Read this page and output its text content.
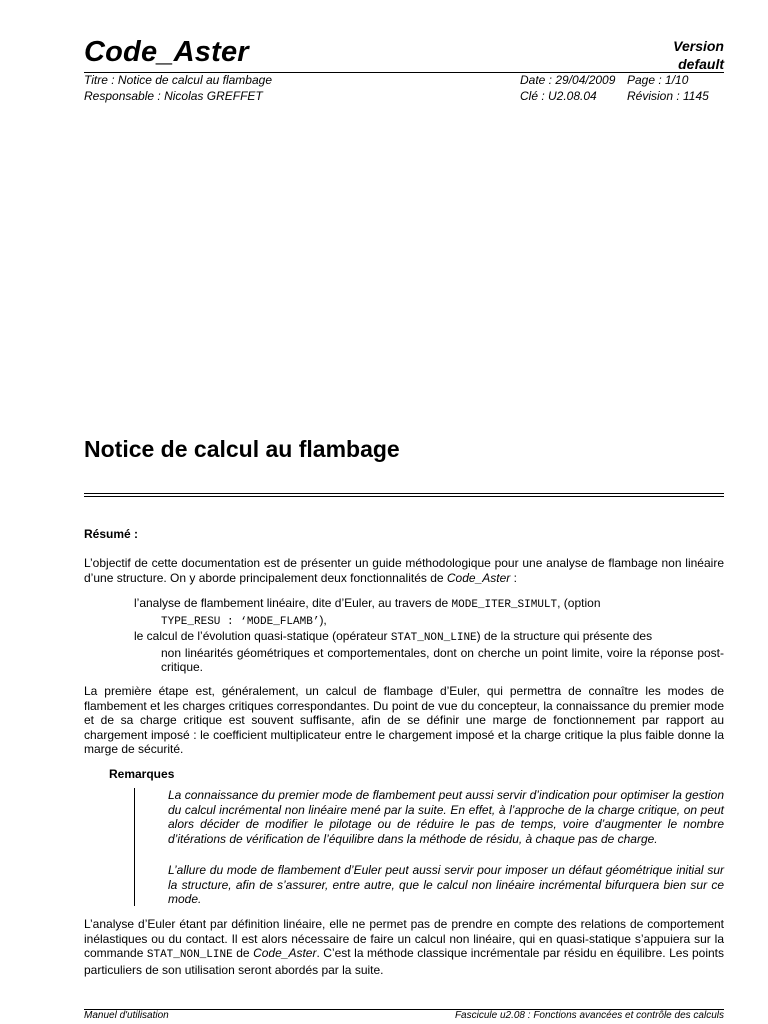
Code_Aster	Version
default
Titre : Notice de calcul au flambage
Responsable : Nicolas GREFFET
Date : 29/04/2009 Page : 1/10
Clé : U2.08.04	Révision : 1145
Notice de calcul au flambage
Résumé :
L’objectif de cette documentation est de présenter un guide méthodologique pour une analyse de flambage non linéaire d’une structure. On y aborde principalement deux fonctionnalités de Code_Aster :
l’analyse de flambement linéaire, dite d’Euler, au travers de MODE_ITER_SIMULT, (option
TYPE_RESU : ‘MODE_FLAMB’),
le calcul de l’évolution quasi-statique (opérateur STAT_NON_LINE) de la structure qui présente des
non linéarités géométriques et comportementales, dont on cherche un point limite, voire la réponse post-critique.
La première étape est, généralement, un calcul de flambage d’Euler, qui permettra de connaître les modes de flambement et les charges critiques correspondantes. Du point de vue du concepteur, la connaissance du premier mode et de sa charge critique est souvent suffisante, afin de se définir une marge de fonctionnement par rapport au chargement imposé : le coefficient multiplicateur entre le chargement imposé et la charge critique la plus faible donne la marge de sécurité.
Remarques
La connaissance du premier mode de flambement peut aussi servir d’indication pour optimiser la gestion du calcul incrémental non linéaire mené par la suite. En effet, à l’approche de la charge critique, on peut alors décider de modifier le pilotage ou de réduire le pas de temps, voire d’augmenter le nombre d’itérations de vérification de l’équilibre dans la méthode de résidu, à chaque pas de charge.
L’allure du mode de flambement d’Euler peut aussi servir pour imposer un défaut géométrique initial sur la structure, afin de s’assurer, entre autre, que le calcul non linéaire incrémental bifurquera bien sur ce mode.
L’analyse d’Euler étant par définition linéaire, elle ne permet pas de prendre en compte des relations de comportement inélastiques ou du contact. Il est alors nécessaire de faire un calcul non linéaire, qui en quasi-statique s’appuiera sur la commande STAT_NON_LINE de Code_Aster. C’est la méthode classique incrémentale par résidu en équilibre. Les points particuliers de son utilisation seront abordés par la suite.
Manuel d'utilisation	Fascicule u2.08 : Fonctions avancées et contrôle des calculs
